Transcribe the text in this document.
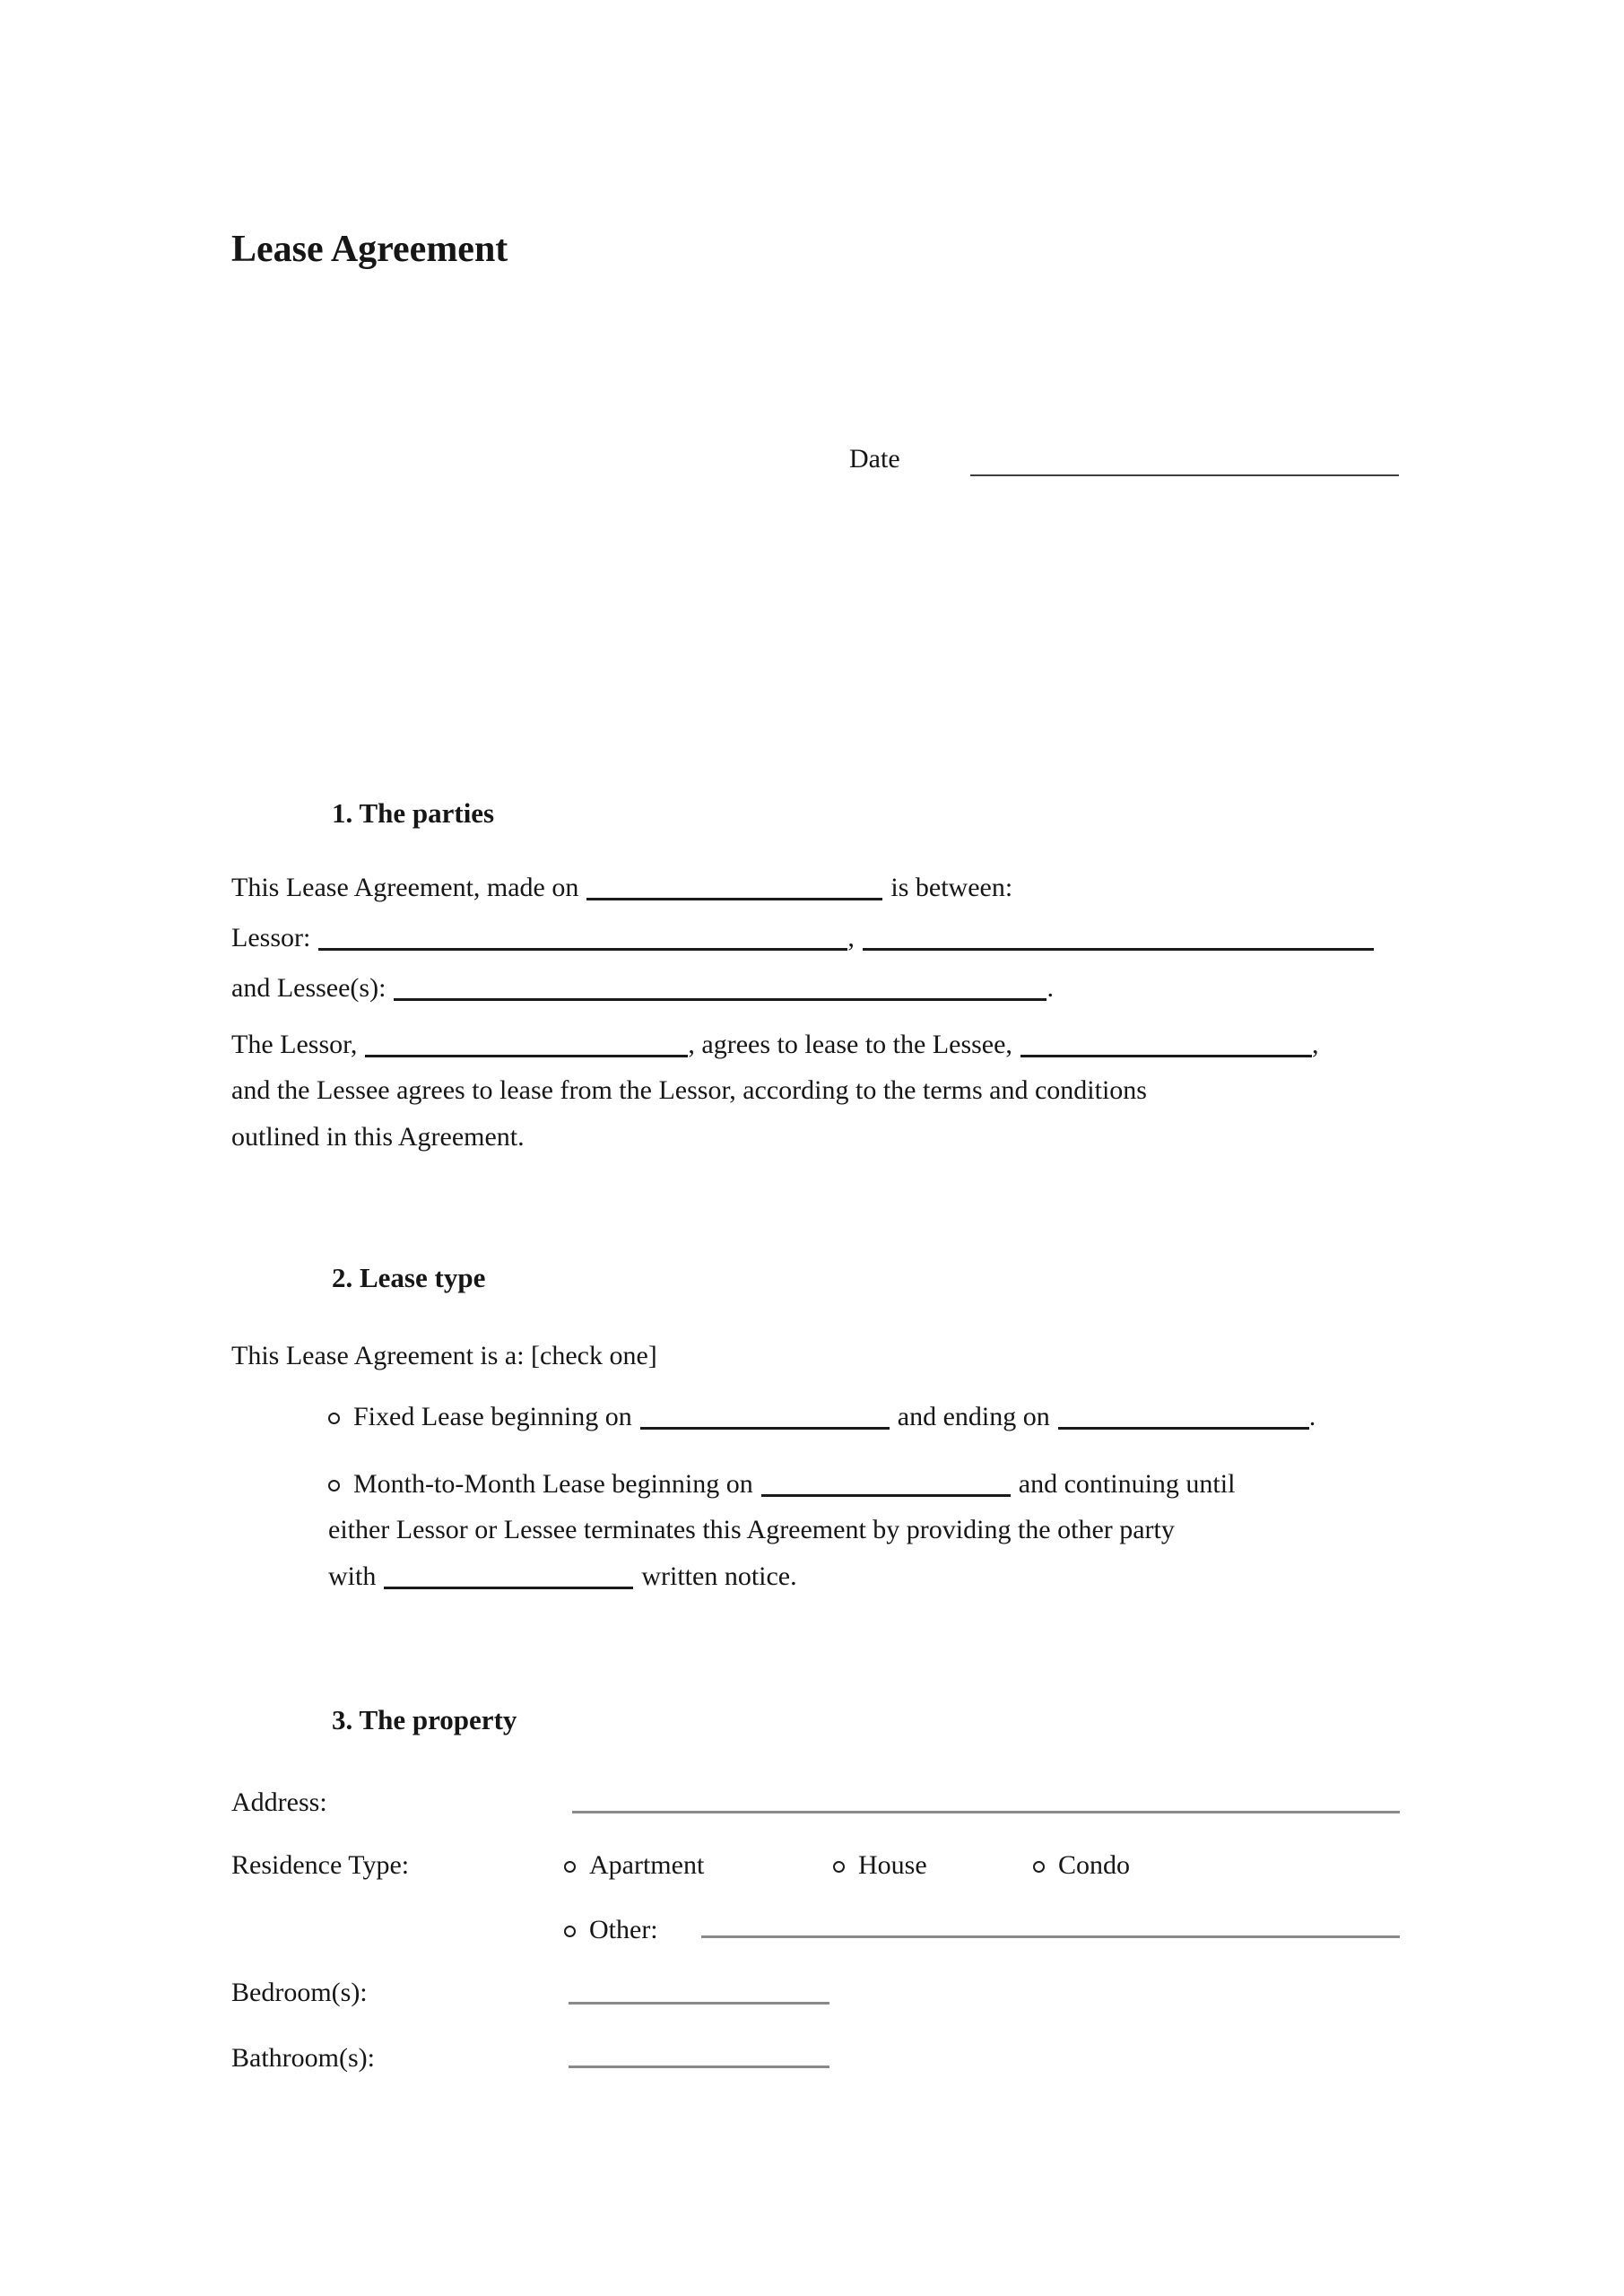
Lease Agreement
Date
1. The parties
This Lease Agreement, made on	is between:
Lessor:	,
and Lessee(s):	.
The Lessor,	, agrees to lease to the Lessee,	,
and the Lessee agrees to lease from the Lessor, according to the terms and conditions
outlined in this Agreement.
2. Lease type
This Lease Agreement is a: [check one]
Fixed Lease beginning on	and ending on	.
Month-to-Month Lease beginning on	and continuing until
either Lessor or Lessee terminates this Agreement by providing the other party
with	written notice.
3. The property
Address:
Residence Type:	Apartment	House	Condo
Other:
Bedroom(s):
Bathroom(s):
